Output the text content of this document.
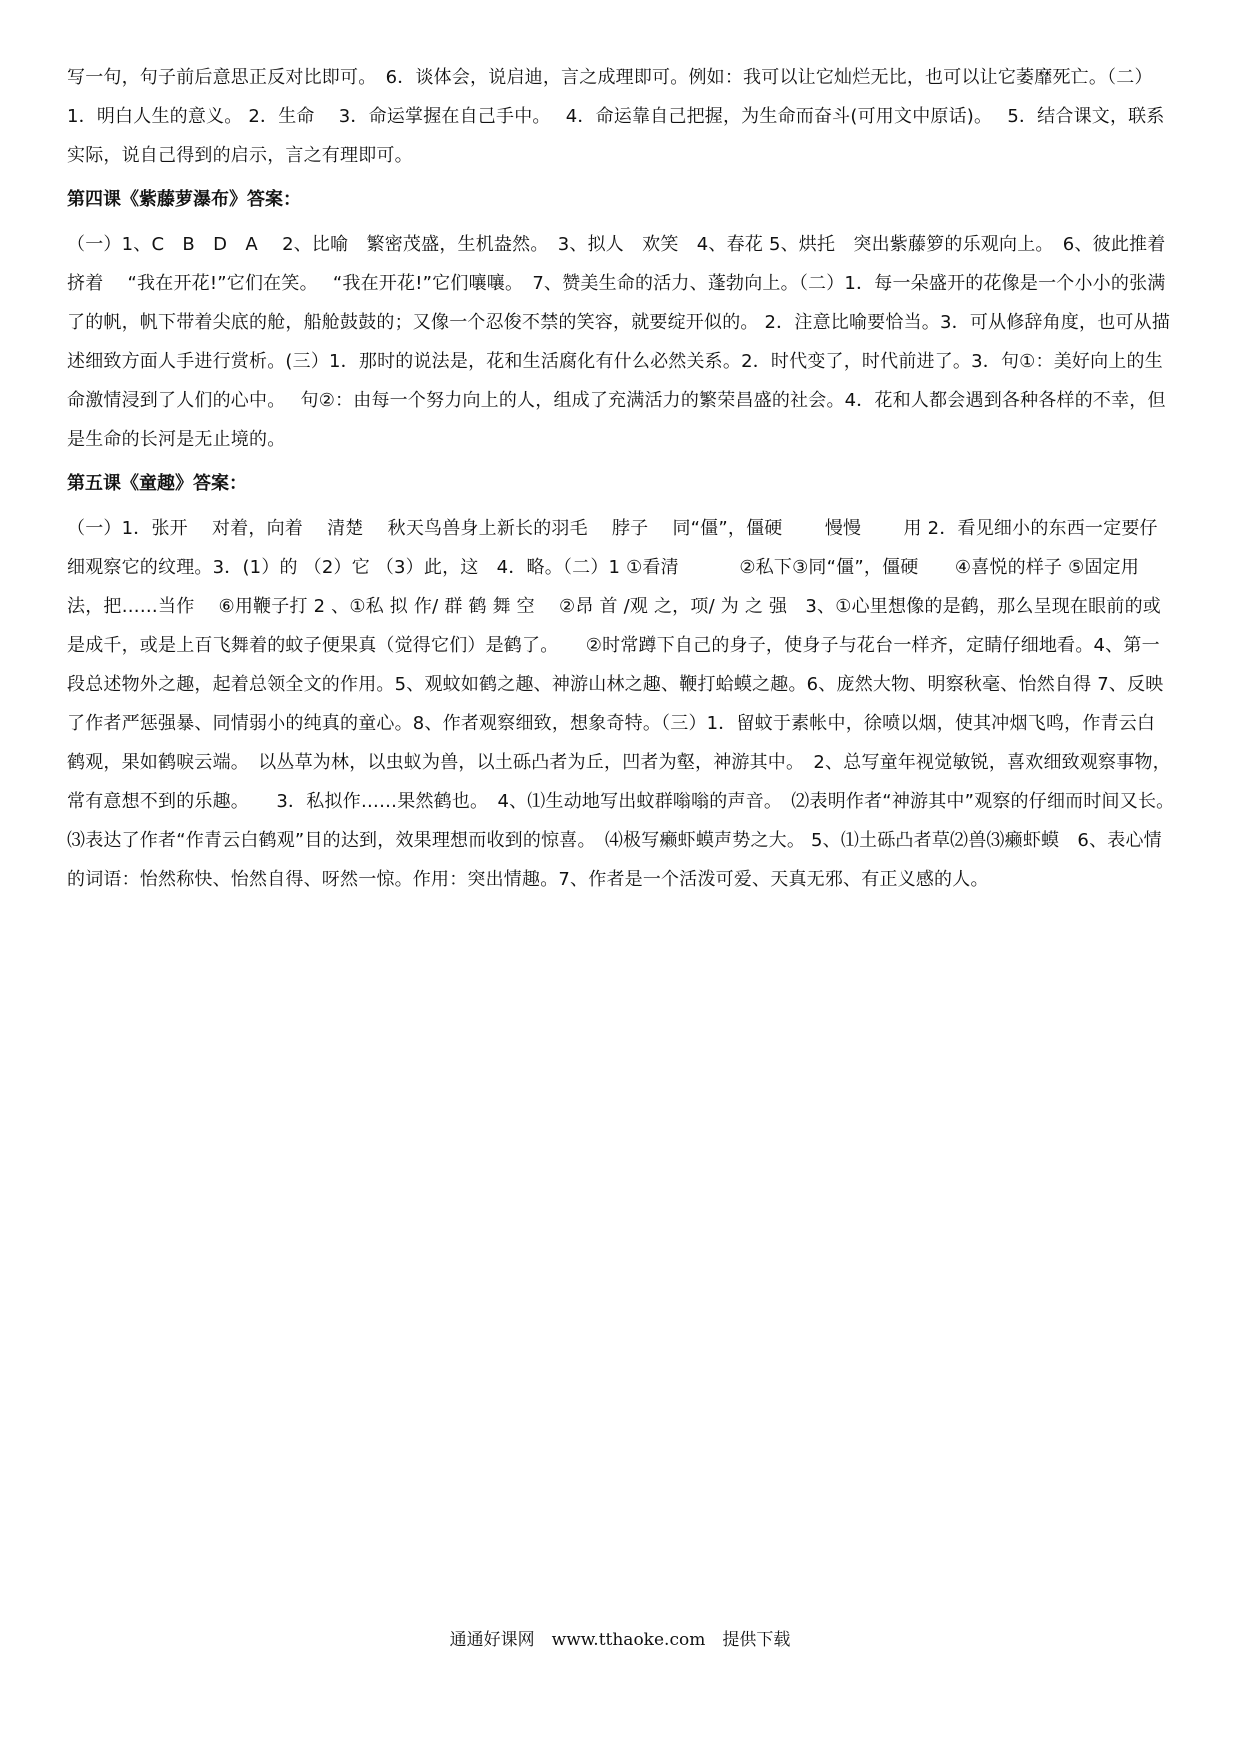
写一句，句子前后意思正反对比即可。　6．谈体会，说启迪，言之成理即可。例如：我可以让它灿烂无比，也可以让它萎靡死亡。（二）1．明白人生的意义。 2．生命　 3．命运掌握在自己手中。　 4．命运靠自己把握，为生命而奋斗(可用文中原话)。　 5．结合课文，联系实际，说自己得到的启示，言之有理即可。

第四课《紫藤萝瀑布》答案：

（一）1、C　B　D　A　 2、比喻　繁密茂盛，生机盎然。　3、拟人　欢笑　4、春花 5、烘托　突出紫藤箩的乐观向上。　6、彼此推着挤着　 “我在开花!”它们在笑。　 “我在开花!”它们嚷嚷。　7、赞美生命的活力、蓬勃向上。（二）1．每一朵盛开的花像是一个小小的张满了的帆，帆下带着尖底的舱，船舱鼓鼓的；又像一个忍俊不禁的笑容，就要绽开似的。 2．注意比喻要恰当。3．可从修辞角度，也可从描述细致方面人手进行赏析。(三）1．那时的说法是，花和生活腐化有什么必然关系。2．时代变了，时代前进了。3．句①：美好向上的生命激情浸到了人们的心中。　 句②：由每一个努力向上的人，组成了充满活力的繁荣昌盛的社会。4．花和人都会遇到各种各样的不幸，但是生命的长河是无止境的。

第五课《童趣》答案：

（一）1．张开　 对着，向着　 清楚　 秋天鸟兽身上新长的羽毛　 脖子　 同“僵”，僵硬　　 慢慢　　 用 2．看见细小的东西一定要仔细观察它的纹理。3．(1）的 （2）它 （3）此，这　4．略。（二）1 ①看清　　　 ②私下③同“僵”，僵硬　　④喜悦的样子 ⑤固定用法，把……当作　 ⑥用鞭子打 2 、①私 拟 作/ 群 鹤 舞 空　 ②昂 首 /观 之，项/ 为 之 强　3、①心里想像的是鹤，那么呈现在眼前的或是成千，或是上百飞舞着的蚊子便果真（觉得它们）是鹤了。　　②时常蹲下自己的身子，使身子与花台一样齐，定睛仔细地看。4、第一段总述物外之趣，起着总领全文的作用。5、观蚊如鹤之趣、神游山林之趣、鞭打蛤蟆之趣。6、庞然大物、明察秋毫、怡然自得 7、反映了作者严惩强暴、同情弱小的纯真的童心。8、作者观察细致，想象奇特。（三）1．留蚊于素帐中，徐喷以烟，使其冲烟飞鸣，作青云白鹤观，果如鹤唳云端。　以丛草为林，以虫蚁为兽，以土砾凸者为丘，凹者为壑，神游其中。　2、总写童年视觉敏锐，喜欢细致观察事物，常有意想不到的乐趣。　　3．私拟作……果然鹤也。　4、⑴生动地写出蚊群嗡嗡的声音。　⑵表明作者“神游其中”观察的仔细而时间又长。　⑶表达了作者“作青云白鹤观”目的达到，效果理想而收到的惊喜。　⑷极写癞虾蟆声势之大。 5、⑴土砾凸者草⑵兽⑶癞虾蟆　6、表心情的词语：怡然称快、怡然自得、呀然一惊。作用：突出情趣。7、作者是一个活泼可爱、天真无邪、有正义感的人。

通通好课网　www.tthaoke.com　提供下载
